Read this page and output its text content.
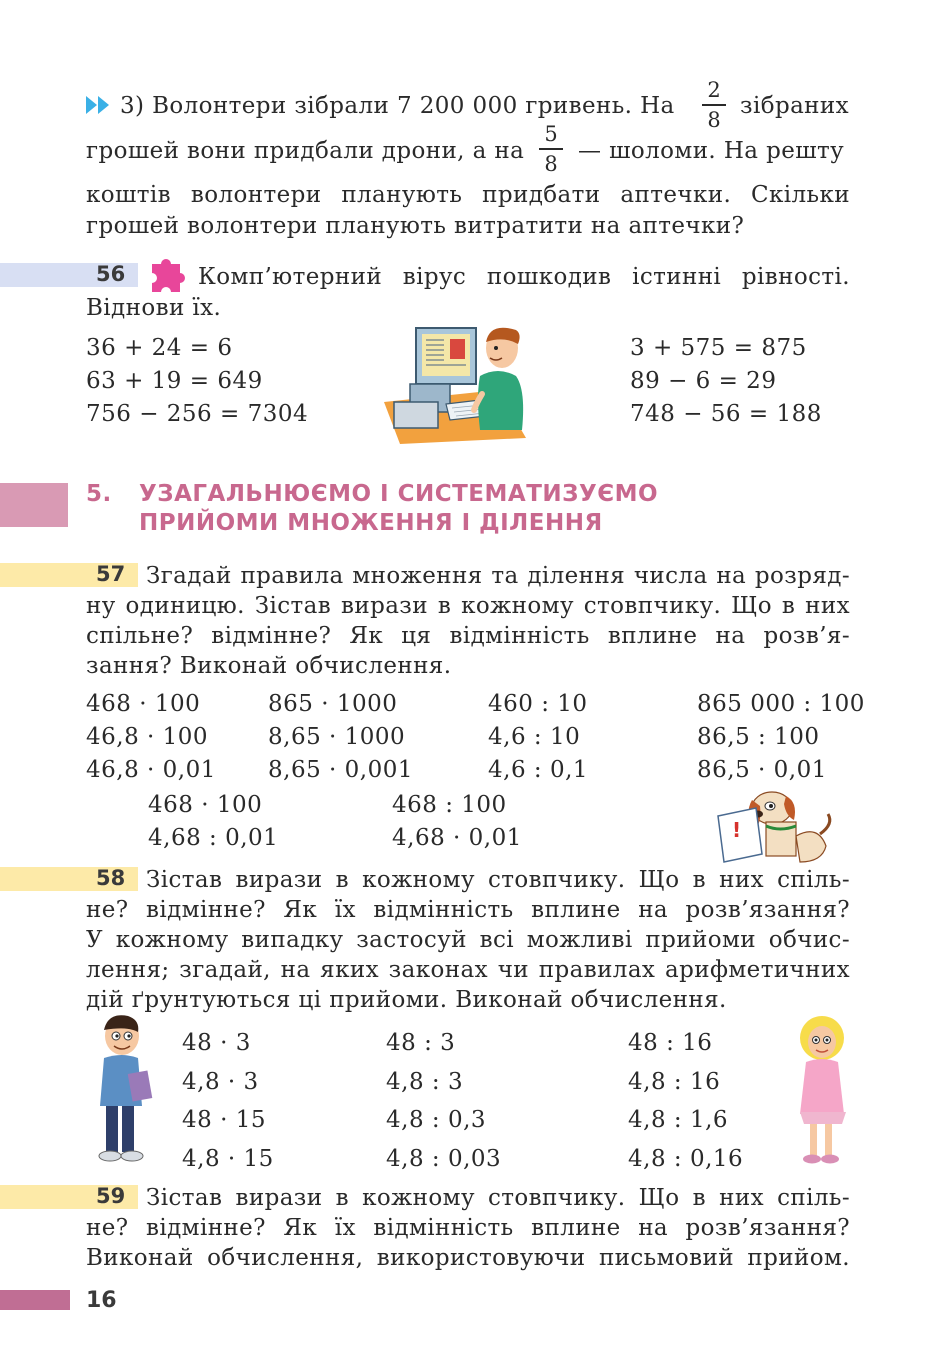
3) Волонтери зібрали 7 200 000 гривень. На
2
8
зібраних
грошей вони придбали дрони, а на
5
8 — шоломи. На решту
коштів волонтери планують придбати аптечки. Скільки
грошей волонтери планують витратити на аптечки?
56	Комп’ютерний вірус пошкодив істинні рівності.
Віднови їх.
36 + 24 = 6
63 + 19 = 649
756 − 256 = 7304
3 + 575 = 875
89 − 6 = 29
748 − 56 = 188
5. УЗАГАЛЬНЮЄМО І СИСТЕМАТИЗУЄМО
ПРИЙОМИ МНОЖЕННЯ І ДІЛЕННЯ
57 Згадай правила множення та ділення числа на розряд-
ну одиницю. Зістав вирази в кожному стовпчику. Що в них
спільне? відмінне? Як ця відмінність вплине на розв’я-
зання? Виконай обчислення.
468 · 100
46,8 · 100
46,8 · 0,01
865 · 1000
8,65 · 1000
8,65 · 0,001
460 : 10
4,6 : 10
4,6 : 0,1
865 000 : 100
86,5 : 100
86,5 · 0,01
468 · 100
4,68 : 0,01
468 : 100
4,68 · 0,01	!
58 Зістав вирази в кожному стовпчику. Що в них спіль-
не? відмінне? Як їх відмінність вплине на розв’язання?
У кожному випадку застосуй всі можливі прийоми обчис-
лення; згадай, на яких законах чи правилах арифметичних
дій ґрунтуються ці прийоми. Виконай обчислення.
48 · 3
4,8 · 3
48 · 15
4,8 · 15
48 : 3
4,8 : 3
4,8 : 0,3
4,8 : 0,03
48 : 16
4,8 : 16
4,8 : 1,6
4,8 : 0,16
59 Зістав вирази в кожному стовпчику. Що в них спіль-
не? відмінне? Як їх відмінність вплине на розв’язання?
Виконай обчислення, використовуючи письмовий прийом.
16
